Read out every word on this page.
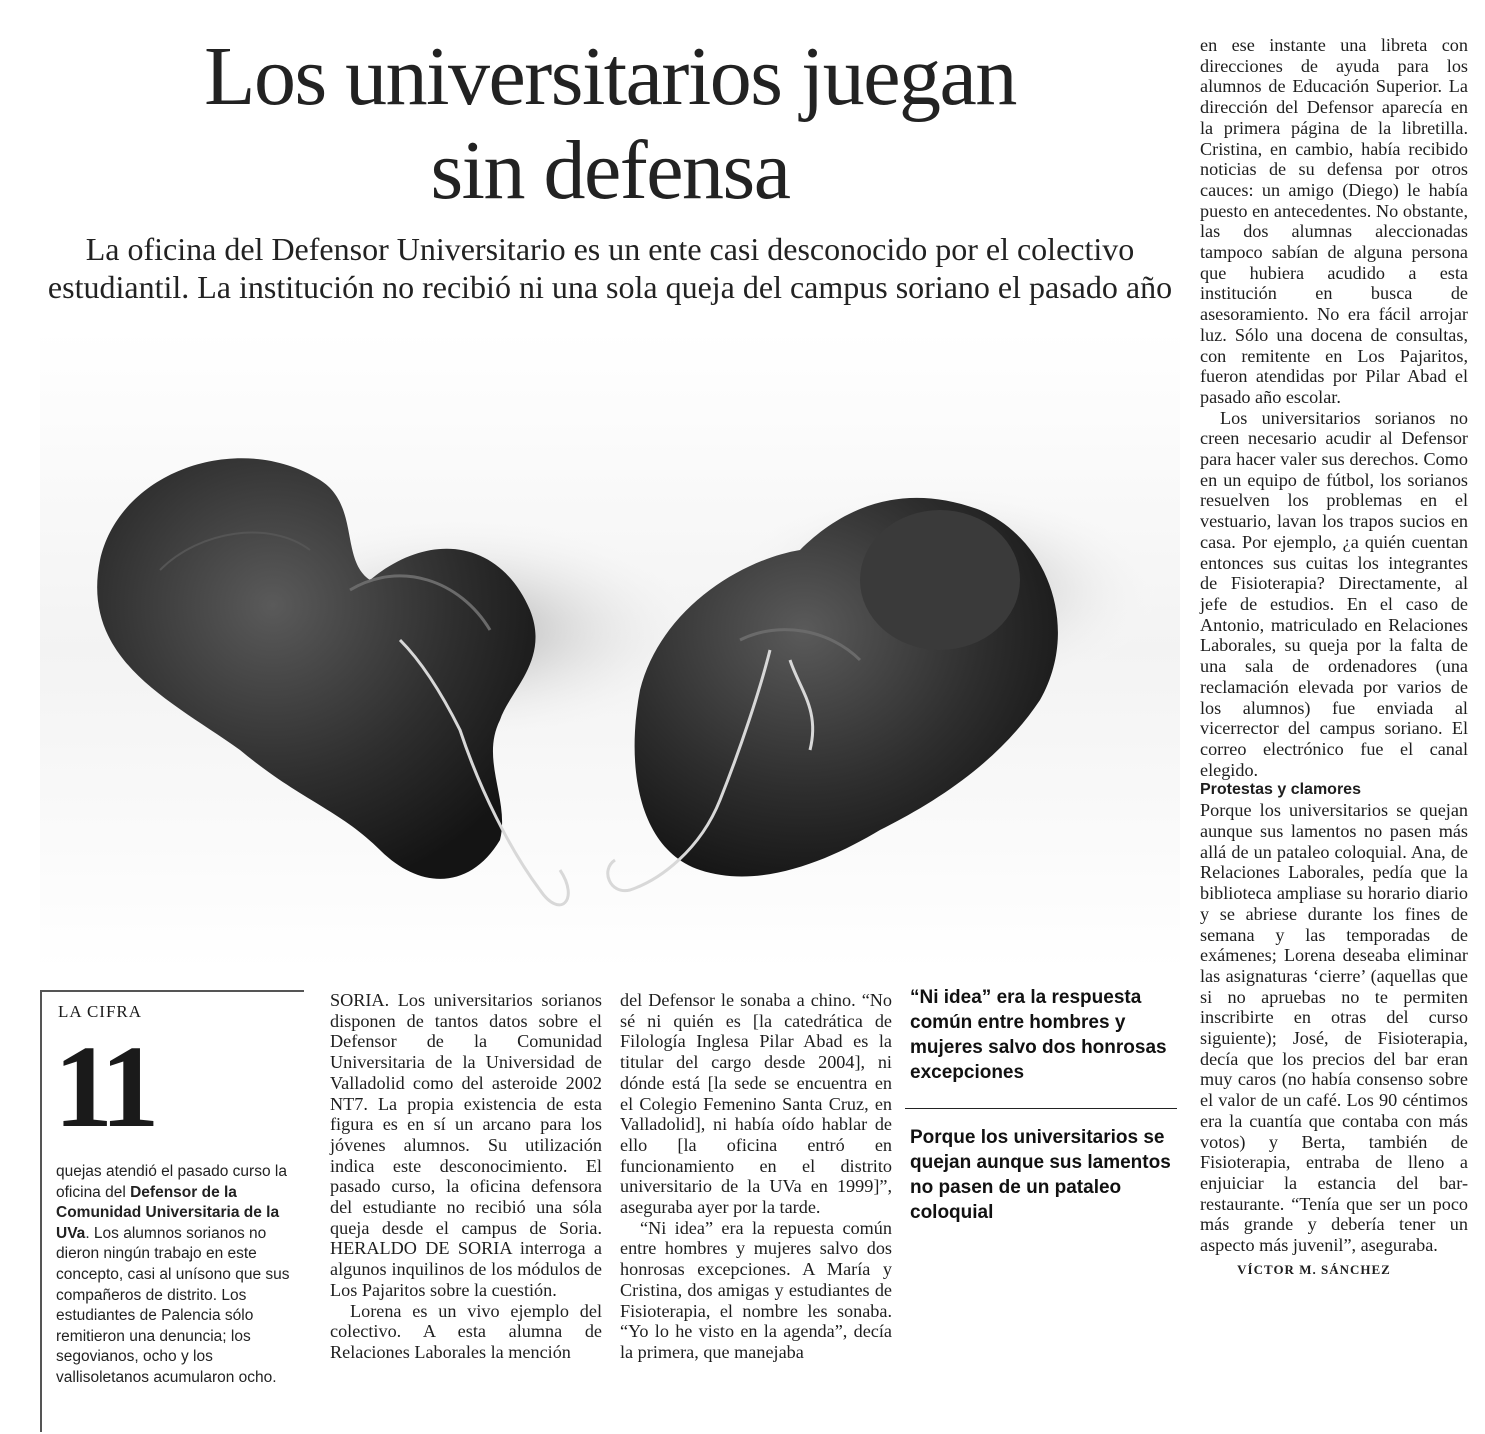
Los universitarios juegan
sin defensa
La oficina del Defensor Universitario es un ente casi desconocido por el colectivo
estudiantil. La institución no recibió ni una sola queja del campus soriano el pasado año

en ese instante una libreta con direcciones de ayuda para los alumnos de Educación Superior. La dirección del Defensor aparecía en la primera página de la libretilla. Cristina, en cambio, había recibido noticias de su defensa por otros cauces: un amigo (Diego) le había puesto en antecedentes. No obstante, las dos alumnas aleccionadas tampoco sabían de alguna persona que hubiera acudido a esta institución en busca de asesoramiento. No era fácil arrojar luz. Sólo una docena de consultas, con remitente en Los Pajaritos, fueron atendidas por Pilar Abad el pasado año escolar.

Los universitarios sorianos no creen necesario acudir al Defensor para hacer valer sus derechos. Como en un equipo de fútbol, los sorianos resuelven los problemas en el vestuario, lavan los trapos sucios en casa. Por ejemplo, ¿a quién cuentan entonces sus cuitas los integrantes de Fisioterapia? Directamente, al jefe de estudios. En el caso de Antonio, matriculado en Relaciones Laborales, su queja por la falta de una sala de ordenadores (una reclamación elevada por varios de los alumnos) fue enviada al vicerrector del campus soriano. El correo electrónico fue el canal elegido.

Protestas y clamores

Porque los universitarios se quejan aunque sus lamentos no pasen más allá de un pataleo coloquial. Ana, de Relaciones Laborales, pedía que la biblioteca ampliase su horario diario y se abriese durante los fines de semana y las temporadas de exámenes; Lorena deseaba eliminar las asignaturas ‘cierre’ (aquellas que si no apruebas no te permiten inscribirte en otras del curso siguiente); José, de Fisioterapia, decía que los precios del bar eran muy caros (no había consenso sobre el valor de un café. Los 90 céntimos era la cuantía que contaba con más votos) y Berta, también de Fisioterapia, entraba de lleno a enjuiciar la estancia del bar-restaurante. “Tenía que ser un poco más grande y debería tener un aspecto más juvenil”, aseguraba.

VÍCTOR M. SÁNCHEZ
LA CIFRA
11
quejas atendió el pasado curso la oficina del Defensor de la Comunidad Universitaria de la UVa. Los alumnos sorianos no dieron ningún trabajo en este concepto, casi al unísono que sus compañeros de distrito. Los estudiantes de Palencia sólo remitieron una denuncia; los segovianos, ocho y los vallisoletanos acumularon ocho.

SORIA. Los universitarios sorianos disponen de tantos datos sobre el Defensor de la Comunidad Universitaria de la Universidad de Valladolid como del asteroide 2002 NT7. La propia existencia de esta figura es en sí un arcano para los jóvenes alumnos. Su utilización indica este desconocimiento. El pasado curso, la oficina defensora del estudiante no recibió una sóla queja desde el campus de Soria. HERALDO DE SORIA interroga a algunos inquilinos de los módulos de Los Pajaritos sobre la cuestión.

Lorena es un vivo ejemplo del colectivo. A esta alumna de Relaciones Laborales la mención

del Defensor le sonaba a chino. “No sé ni quién es [la catedrática de Filología Inglesa Pilar Abad es la titular del cargo desde 2004], ni dónde está [la sede se encuentra en el Colegio Femenino Santa Cruz, en Valladolid], ni había oído hablar de ello [la oficina entró en funcionamiento en el distrito universitario de la UVa en 1999]”, aseguraba ayer por la tarde.

“Ni idea” era la repuesta común entre hombres y mujeres salvo dos honrosas excepciones. A María y Cristina, dos amigas y estudiantes de Fisioterapia, el nombre les sonaba. “Yo lo he visto en la agenda”, decía la primera, que manejaba

“Ni idea” era la respuesta común entre hombres y mujeres salvo dos honrosas excepciones
Porque los universitarios se quejan aunque sus lamentos no pasen de un pataleo coloquial
